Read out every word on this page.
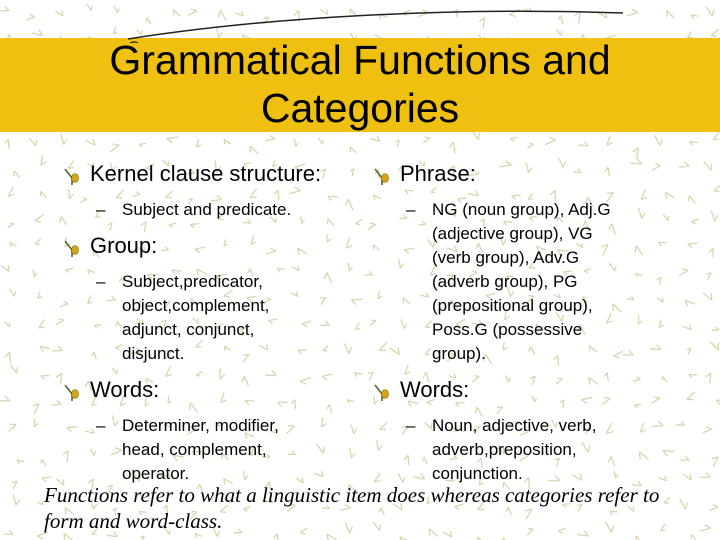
Grammatical Functions and
Categories
Kernel clause structure:
– Subject and predicate.
Group:
– Subject,predicator, object,complement, adjunct, conjunct, disjunct.
Words:
– Determiner, modifier, head, complement, operator.
Phrase:
– NG (noun group), Adj.G (adjective group), VG (verb group), Adv.G (adverb group), PG (prepositional group), Poss.G (possessive group).
Words:
– Noun, adjective, verb, adverb,preposition, conjunction.
Functions refer to what a linguistic item does whereas categories refer to form and word-class.
